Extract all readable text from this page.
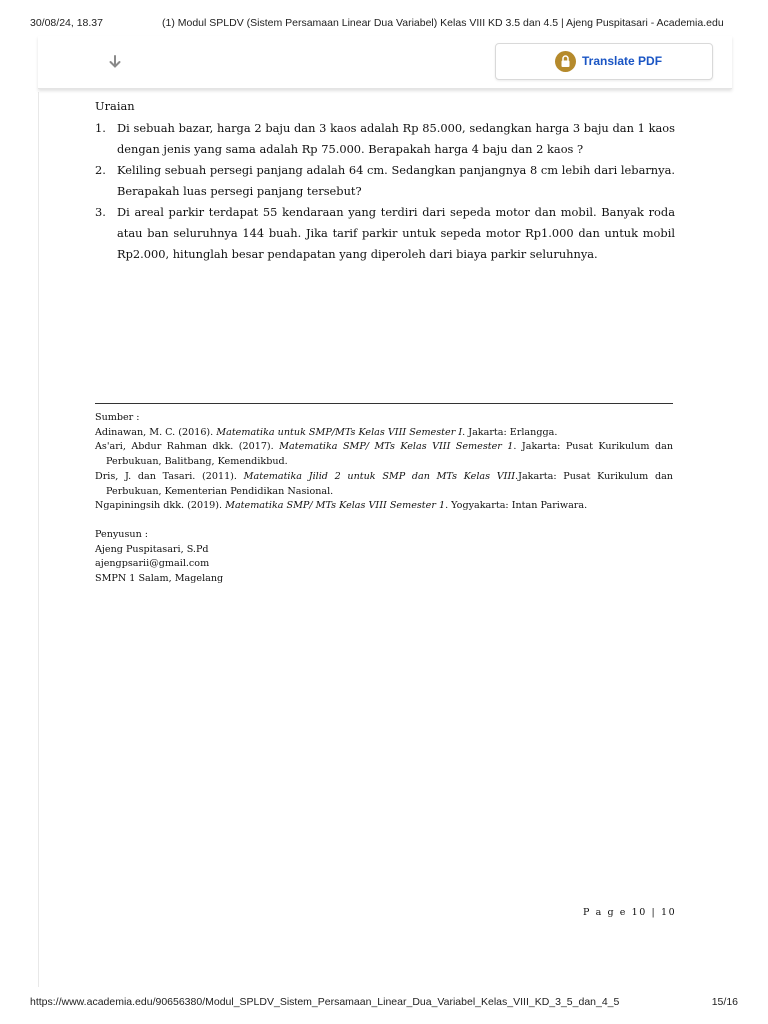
30/08/24, 18.37	(1) Modul SPLDV (Sistem Persamaan Linear Dua Variabel) Kelas VIII KD 3.5 dan 4.5 | Ajeng Puspitasari - Academia.edu
Translate PDF

Uraian

1. Di sebuah bazar, harga 2 baju dan 3 kaos adalah Rp 85.000, sedangkan harga 3 baju dan 1 kaos dengan jenis yang sama adalah Rp 75.000. Berapakah harga 4 baju dan 2 kaos ?

2. Keliling sebuah persegi panjang adalah 64 cm. Sedangkan panjangnya 8 cm lebih dari lebarnya. Berapakah luas persegi panjang tersebut?

3. Di areal parkir terdapat 55 kendaraan yang terdiri dari sepeda motor dan mobil. Banyak roda atau ban seluruhnya 144 buah. Jika tarif parkir untuk sepeda motor Rp1.000 dan untuk mobil Rp2.000, hitunglah besar pendapatan yang diperoleh dari biaya parkir seluruhnya.

Sumber :

Adinawan, M. C. (2016). Matematika untuk SMP/MTs Kelas VIII Semester I. Jakarta: Erlangga.

As'ari, Abdur Rahman dkk. (2017). Matematika SMP/ MTs Kelas VIII Semester 1. Jakarta: Pusat Kurikulum dan Perbukuan, Balitbang, Kemendikbud.

Dris, J. dan Tasari. (2011). Matematika Jilid 2 untuk SMP dan MTs Kelas VIII.Jakarta: Pusat Kurikulum dan Perbukuan, Kementerian Pendidikan Nasional.

Ngapiningsih dkk. (2019). Matematika SMP/ MTs Kelas VIII Semester 1. Yogyakarta: Intan Pariwara.

Penyusun :

Ajeng Puspitasari, S.Pd

ajengpsarii@gmail.com

SMPN 1 Salam, Magelang

P a g e 10 | 10
https://www.academia.edu/90656380/Modul_SPLDV_Sistem_Persamaan_Linear_Dua_Variabel_Kelas_VIII_KD_3_5_dan_4_5	15/16
